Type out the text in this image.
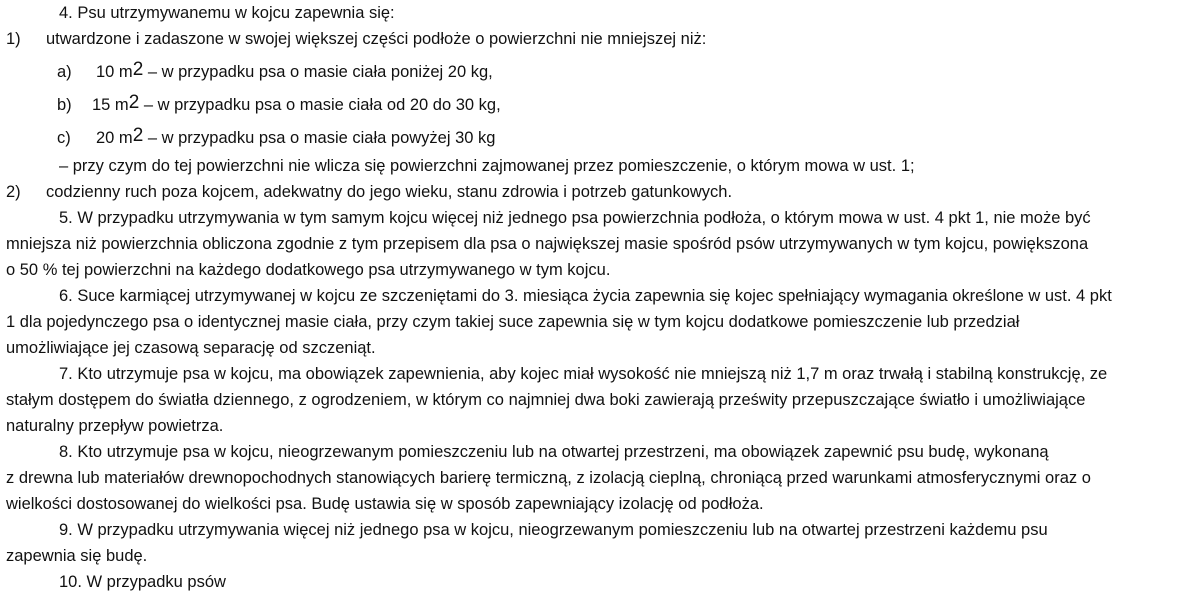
4. Psu utrzymywanemu w kojcu zapewnia się:
1) utwardzone i zadaszone w swojej większej części podłoże o powierzchni nie mniejszej niż:
a) 10 $m^2$ – w przypadku psa o masie ciała poniżej 20 kg,
b) 15 $m^2$ – w przypadku psa o masie ciała od 20 do 30 kg,
c) 20 $m^2$ – w przypadku psa o masie ciała powyżej 30 kg
– przy czym do tej powierzchni nie wlicza się powierzchni zajmowanej przez pomieszczenie, o którym mowa w ust. 1;
2) codzienny ruch poza kojcem, adekwatny do jego wieku, stanu zdrowia i potrzeb gatunkowych.
5. W przypadku utrzymywania w tym samym kojcu więcej niż jednego psa powierzchnia podłoża, o którym mowa w ust. 4 pkt 1, nie może być
mniejsza niż powierzchnia obliczona zgodnie z tym przepisem dla psa o największej masie spośród psów utrzymywanych w tym kojcu, powiększona
o 50 % tej powierzchni na każdego dodatkowego psa utrzymywanego w tym kojcu.
6. Suce karmiącej utrzymywanej w kojcu ze szczeniętami do 3. miesiąca życia zapewnia się kojec spełniający wymagania określone w ust. 4 pkt
1 dla pojedynczego psa o identycznej masie ciała, przy czym takiej suce zapewnia się w tym kojcu dodatkowe pomieszczenie lub przedział
umożliwiające jej czasową separację od szczeniąt.
7. Kto utrzymuje psa w kojcu, ma obowiązek zapewnienia, aby kojec miał wysokość nie mniejszą niż 1,7 m oraz trwałą i stabilną konstrukcję, ze
stałym dostępem do światła dziennego, z ogrodzeniem, w którym co najmniej dwa boki zawierają prześwity przepuszczające światło i umożliwiające
naturalny przepływ powietrza.
8. Kto utrzymuje psa w kojcu, nieogrzewanym pomieszczeniu lub na otwartej przestrzeni, ma obowiązek zapewnić psu budę, wykonaną
z drewna lub materiałów drewnopochodnych stanowiących barierę termiczną, z izolacją cieplną, chroniącą przed warunkami atmosferycznymi oraz o
wielkości dostosowanej do wielkości psa. Budę ustawia się w sposób zapewniający izolację od podłoża.
9. W przypadku utrzymywania więcej niż jednego psa w kojcu, nieogrzewanym pomieszczeniu lub na otwartej przestrzeni każdemu psu
zapewnia się budę.
10. W przypadku psów
